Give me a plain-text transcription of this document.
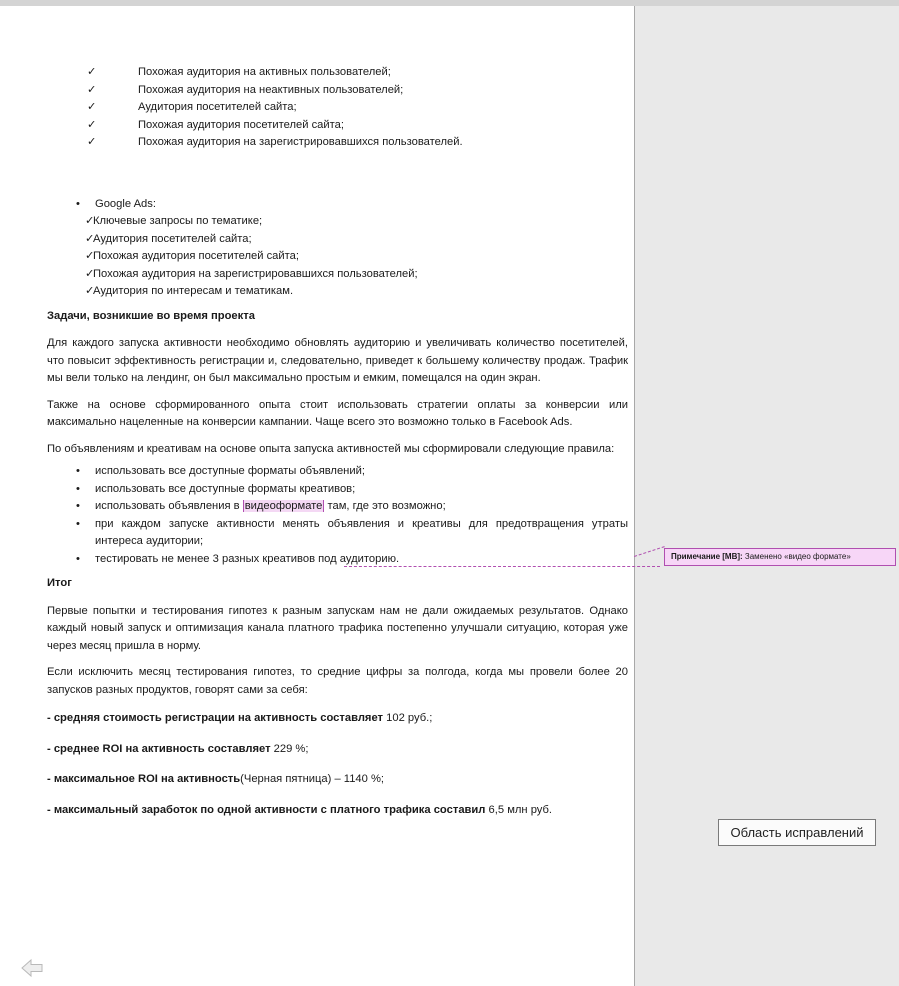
✓	Похожая аудитория на активных пользователей;
✓	Похожая аудитория на неактивных пользователей;
✓	Аудитория посетителей сайта;
✓	Похожая аудитория посетителей сайта;
✓	Похожая аудитория на зарегистрировавшихся пользователей.
• Google Ads:
✓
Ключевые запросы по тематике;
✓
Аудитория посетителей сайта;
✓
Похожая аудитория посетителей сайта;
✓
Похожая аудитория на зарегистрировавшихся пользователей;
✓
Аудитория по интересам и тематикам.
Задачи, возникшие во время проекта

Для каждого запуска активности необходимо обновлять аудиторию и увеличивать количество посетителей, что повысит эффективность регистрации и, следовательно, приведет к большему количеству продаж. Трафик мы вели только на лендинг, он был максимально простым и емким, помещался на один экран.

Также на основе сформированного опыта стоит использовать стратегии оплаты за конверсии или максимально нацеленные на конверсии кампании. Чаще всего это возможно только в Facebook Ads.

По объявлениям и креативам на основе опыта запуска активностей мы сформировали следующие правила:

• использовать все доступные форматы объявлений;
• использовать все доступные форматы креативов;
• использовать объявления в видеоформате там, где это возможно;
• при каждом запуске активности менять объявления и креативы для предотвращения утраты интереса аудитории;
• тестировать не менее 3 разных креативов под аудиторию.
Итог

Первые попытки и тестирования гипотез к разным запускам нам не дали ожидаемых результатов. Однако каждый новый запуск и оптимизация канала платного трафика постепенно улучшали ситуацию, которая уже через месяц пришла в норму.

Если исключить месяц тестирования гипотез, то средние цифры за полгода, когда мы провели более 20 запусков разных продуктов, говорят сами за себя:

- средняя стоимость регистрации на активность составляет 102 руб.;
- среднее ROI на активность составляет 229 %;
- максимальное ROI на активность(Черная пятница) – 1140 %;
- максимальный заработок по одной активности с платного трафика составил 6,5 млн руб.
Примечание [MB]: Заменено «видео формате»
Область исправлений
